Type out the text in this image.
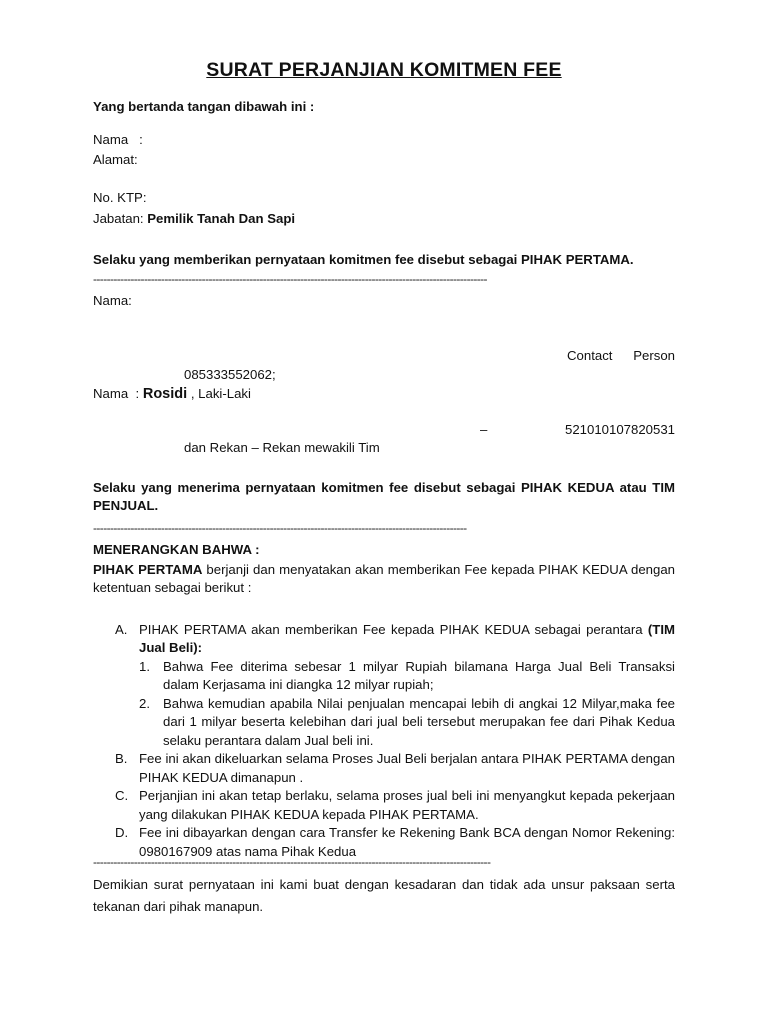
SURAT PERJANJIAN KOMITMEN FEE
Yang bertanda tangan dibawah ini :
Nama   :
Alamat:
No. KTP:
Jabatan: Pemilik Tanah Dan Sapi
Selaku yang memberikan pernyataan komitmen fee disebut sebagai PIHAK PERTAMA.
--------------------------------------------------------------------------------------------------------------------
Nama:
Contact Person
085333552062;
Nama  : Rosidi , Laki-Laki
–	521010107820531
dan Rekan – Rekan mewakili Tim
Selaku yang menerima pernyataan komitmen fee disebut sebagai PIHAK KEDUA atau TIM PENJUAL.
--------------------------------------------------------------------------------------------------------------
MENERANGKAN BAHWA :
PIHAK PERTAMA berjanji dan menyatakan akan memberikan Fee kepada PIHAK KEDUA dengan ketentuan sebagai berikut :
A. PIHAK PERTAMA akan memberikan Fee kepada PIHAK KEDUA sebagai perantara (TIM Jual Beli):
1. Bahwa Fee diterima sebesar 1 milyar Rupiah bilamana Harga Jual Beli Transaksi dalam Kerjasama ini diangka 12 milyar rupiah;
2. Bahwa kemudian apabila Nilai penjualan mencapai lebih di angkai 12 Milyar,maka fee dari 1 milyar beserta kelebihan dari jual beli tersebut merupakan fee dari Pihak Kedua selaku perantara dalam Jual beli ini.
B. Fee ini akan dikeluarkan selama Proses Jual Beli berjalan antara PIHAK PERTAMA dengan PIHAK KEDUA dimanapun .
C. Perjanjian ini akan tetap berlaku, selama proses jual beli ini menyangkut kepada pekerjaan yang dilakukan PIHAK KEDUA kepada PIHAK PERTAMA.
D. Fee ini dibayarkan dengan cara Transfer ke Rekening Bank BCA dengan Nomor Rekening: 0980167909 atas nama Pihak Kedua
---------------------------------------------------------------------------------------------------------------------
Demikian surat pernyataan ini kami buat dengan kesadaran dan tidak ada unsur paksaan serta tekanan dari pihak manapun.
